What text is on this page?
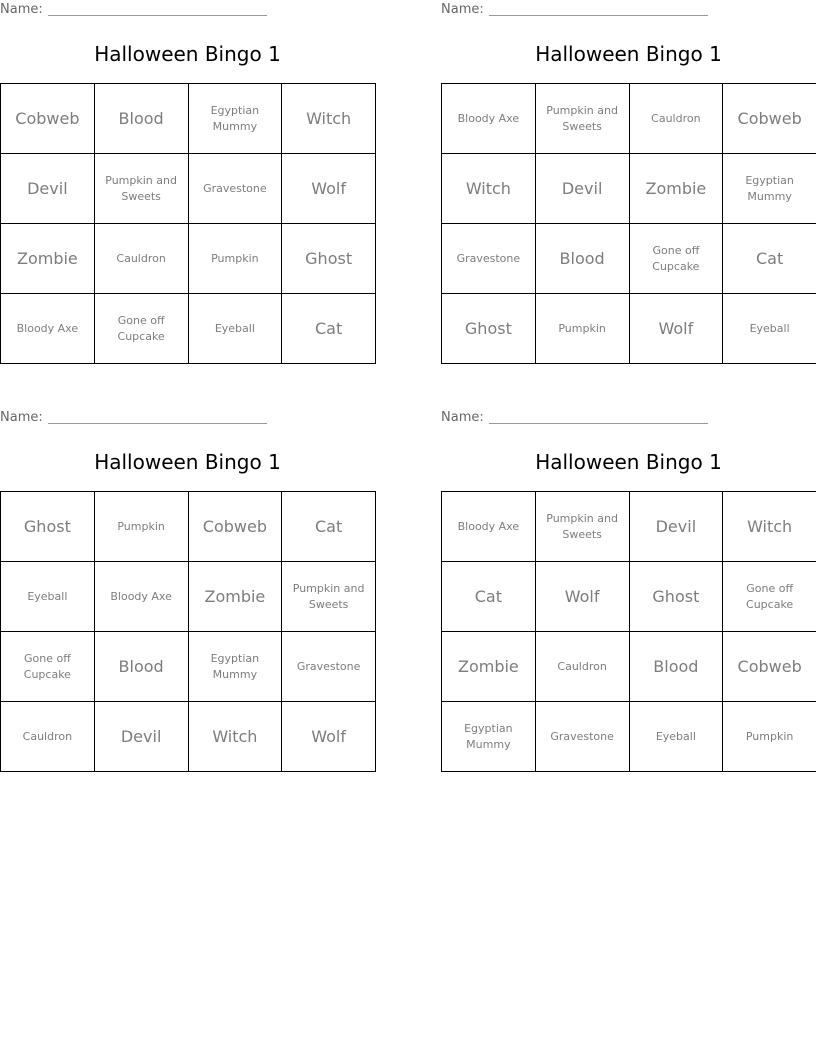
Name:
Halloween Bingo 1
Cobweb	Blood	Egyptian Mummy	Witch
Devil	Pumpkin and Sweets	Gravestone	Wolf
Zombie	Cauldron	Pumpkin	Ghost
Bloody Axe	Gone off Cupcake	Eyeball	Cat
Name:
Halloween Bingo 1
Bloody Axe	Pumpkin and Sweets	Cauldron	Cobweb
Witch	Devil	Zombie	Egyptian Mummy
Gravestone	Blood	Gone off Cupcake	Cat
Ghost	Pumpkin	Wolf	Eyeball
Name:
Halloween Bingo 1
Ghost	Pumpkin	Cobweb	Cat
Eyeball	Bloody Axe	Zombie	Pumpkin and Sweets
Gone off Cupcake	Blood	Egyptian Mummy	Gravestone
Cauldron	Devil	Witch	Wolf
Name:
Halloween Bingo 1
Bloody Axe	Pumpkin and Sweets	Devil	Witch
Cat	Wolf	Ghost	Gone off Cupcake
Zombie	Cauldron	Blood	Cobweb
Egyptian Mummy	Gravestone	Eyeball	Pumpkin
